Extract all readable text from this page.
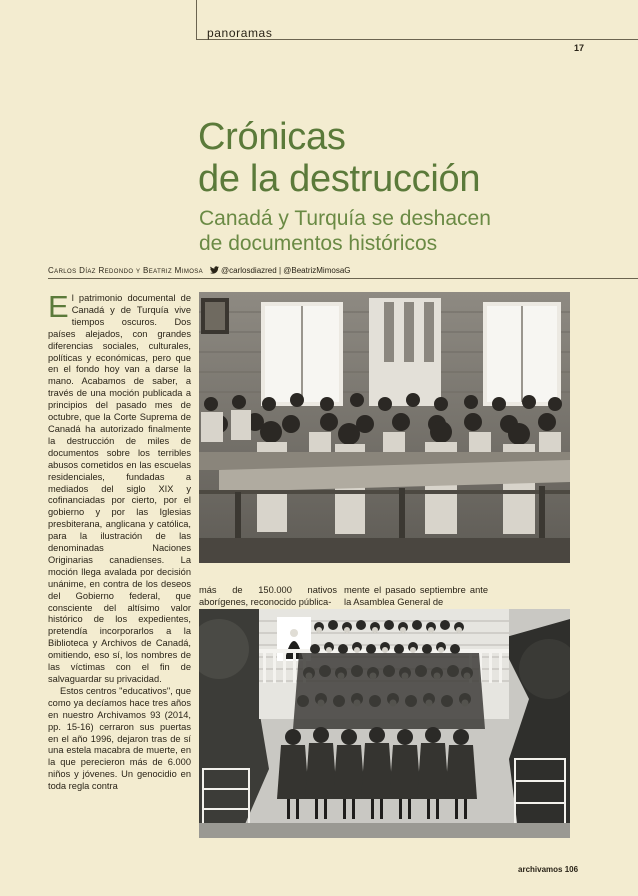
panoramas
17
Crónicas
de la destrucción
Canadá y Turquía se deshacen
de documentos históricos
Carlos Díaz Redondo y Beatriz Mimosa @carlosdiazred | @BeatrizMimosaG

El patrimonio documental de Canadá y de Turquía vive tiempos oscuros. Dos países alejados, con grandes diferencias sociales, culturales, políticas y económicas, pero que en el fondo hoy van a darse la mano. Acabamos de saber, a través de una moción publicada a principios del pasado mes de octubre, que la Corte Suprema de Canadá ha autorizado finalmente la destrucción de miles de documentos sobre los terribles abusos cometidos en las escuelas residenciales, fundadas a mediados del siglo XIX y cofinanciadas por cierto, por el gobierno y por las Iglesias presbiterana, anglicana y católica, para la ilustración de las denominadas Naciones Originarias canadienses. La moción llega avalada por decisión unánime, en contra de los deseos del Gobierno federal, que consciente del altísimo valor histórico de los expedientes, pretendía incorporarlos a la Biblioteca y Archivos de Canadá, omitiendo, eso sí, los nombres de las víctimas con el fin de salvaguardar su privacidad.

Estos centros "educativos", que como ya decíamos hace tres años en nuestro Archivamos 93 (2014, pp. 15-16) cerraron sus puertas en el año 1996, dejaron tras de sí una estela macabra de muerte, en la que perecieron más de 6.000 niños y jóvenes. Un genocidio en toda regla contra

más de 150.000 nativos aborígenes, reconocido pública-
mente el pasado septiembre ante la Asamblea General de
archivamos 106
